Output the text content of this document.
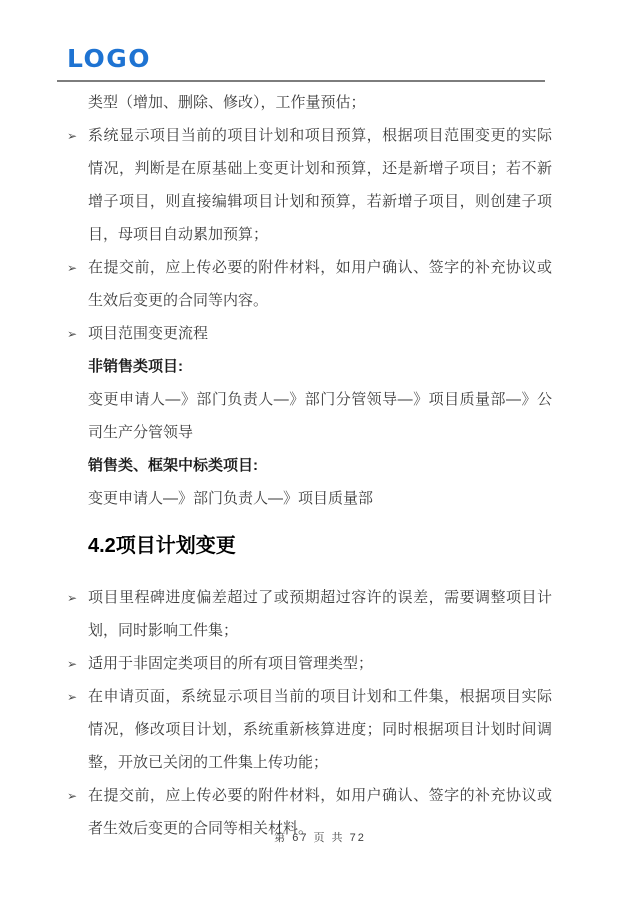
LOGO

类型（增加、删除、修改），工作量预估；

➢ 系统显示项目当前的项目计划和项目预算，根据项目范围变更的实际情况，判断是在原基础上变更计划和预算，还是新增子项目；若不新增子项目，则直接编辑项目计划和预算，若新增子项目，则创建子项目，母项目自动累加预算；

➢ 在提交前，应上传必要的附件材料，如用户确认、签字的补充协议或生效后变更的合同等内容。

➢ 项目范围变更流程

非销售类项目:

变更申请人—》部门负责人—》部门分管领导—》项目质量部—》公司生产分管领导

销售类、框架中标类项目:

变更申请人—》部门负责人—》项目质量部

4.2项目计划变更

➢ 项目里程碑进度偏差超过了或预期超过容许的误差，需要调整项目计划，同时影响工件集；

➢ 适用于非固定类项目的所有项目管理类型；

➢ 在申请页面，系统显示项目当前的项目计划和工件集，根据项目实际情况，修改项目计划，系统重新核算进度；同时根据项目计划时间调整，开放已关闭的工件集上传功能；

➢ 在提交前，应上传必要的附件材料，如用户确认、签字的补充协议或者生效后变更的合同等相关材料。

第 67 页 共 72
